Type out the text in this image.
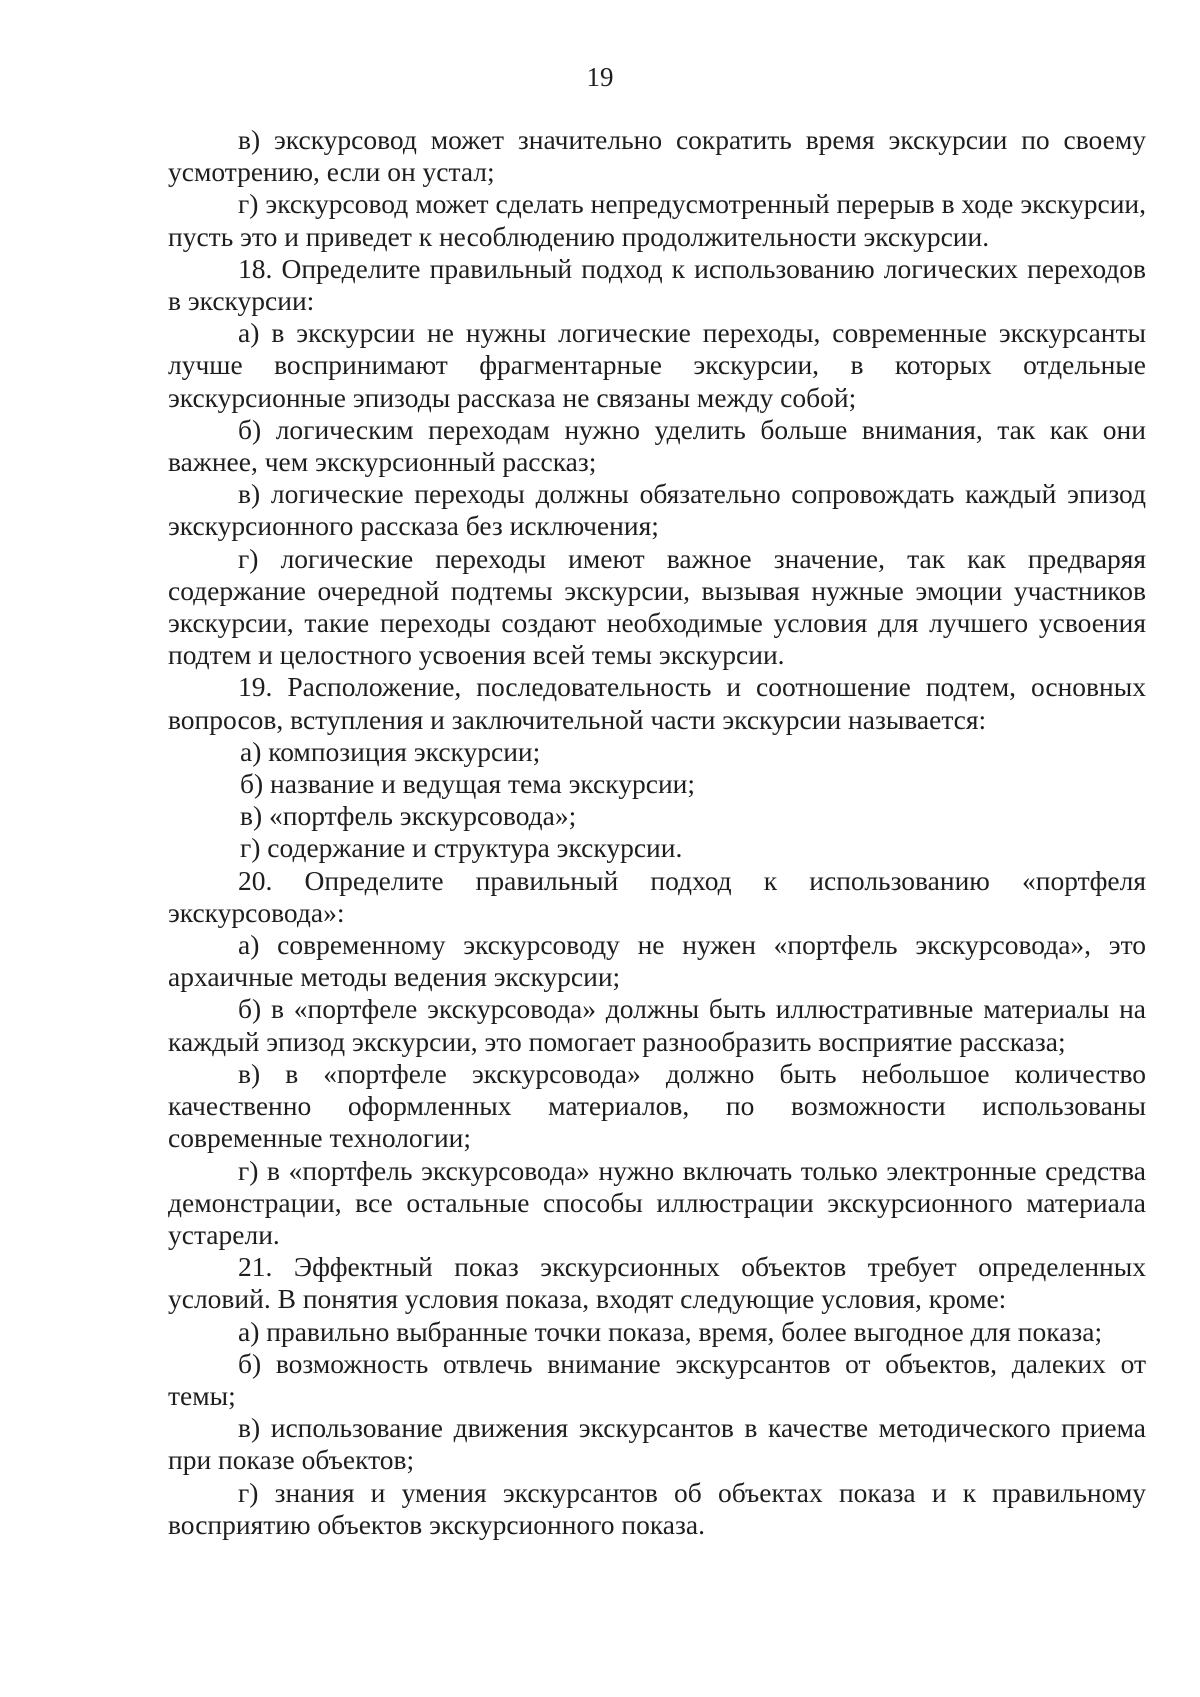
19

в) экскурсовод может значительно сократить время экскурсии по своему усмотрению, если он устал;

г) экскурсовод может сделать непредусмотренный перерыв в ходе экскурсии, пусть это и приведет к несоблюдению продолжительности экскурсии.

18. Определите правильный подход к использованию логических переходов в экскурсии:

а) в экскурсии не нужны логические переходы, современные экскурсанты лучше воспринимают фрагментарные экскурсии, в которых отдельные экскурсионные эпизоды рассказа не связаны между собой;

б) логическим переходам нужно уделить больше внимания, так как они важнее, чем экскурсионный рассказ;

в) логические переходы должны обязательно сопровождать каждый эпизод экскурсионного рассказа без исключения;

г) логические переходы имеют важное значение, так как предваряя содержание очередной подтемы экскурсии, вызывая нужные эмоции участников экскурсии, такие переходы создают необходимые условия для лучшего усвоения подтем и целостного усвоения всей темы экскурсии.

19. Расположение, последовательность и соотношение подтем, основных вопросов, вступления и заключительной части экскурсии называется:

а) композиция экскурсии;

б) название и ведущая тема экскурсии;

в) «портфель экскурсовода»;

г) содержание и структура экскурсии.

20. Определите правильный подход к использованию «портфеля экскурсовода»:

а) современному экскурсоводу не нужен «портфель экскурсовода», это архаичные методы ведения экскурсии;

б) в «портфеле экскурсовода» должны быть иллюстративные материалы на каждый эпизод экскурсии, это помогает разнообразить восприятие рассказа;

в) в «портфеле экскурсовода» должно быть небольшое количество качественно оформленных материалов, по возможности использованы современные технологии;

г) в «портфель экскурсовода» нужно включать только электронные средства демонстрации, все остальные способы иллюстрации экскурсионного материала устарели.

21. Эффектный показ экскурсионных объектов требует определенных условий. В понятия условия показа, входят следующие условия, кроме:

а) правильно выбранные точки показа, время, более выгодное для показа;

б) возможность отвлечь внимание экскурсантов от объектов, далеких от темы;

в) использование движения экскурсантов в качестве методического приема при показе объектов;

г) знания и умения экскурсантов об объектах показа и к правильному восприятию объектов экскурсионного показа.
